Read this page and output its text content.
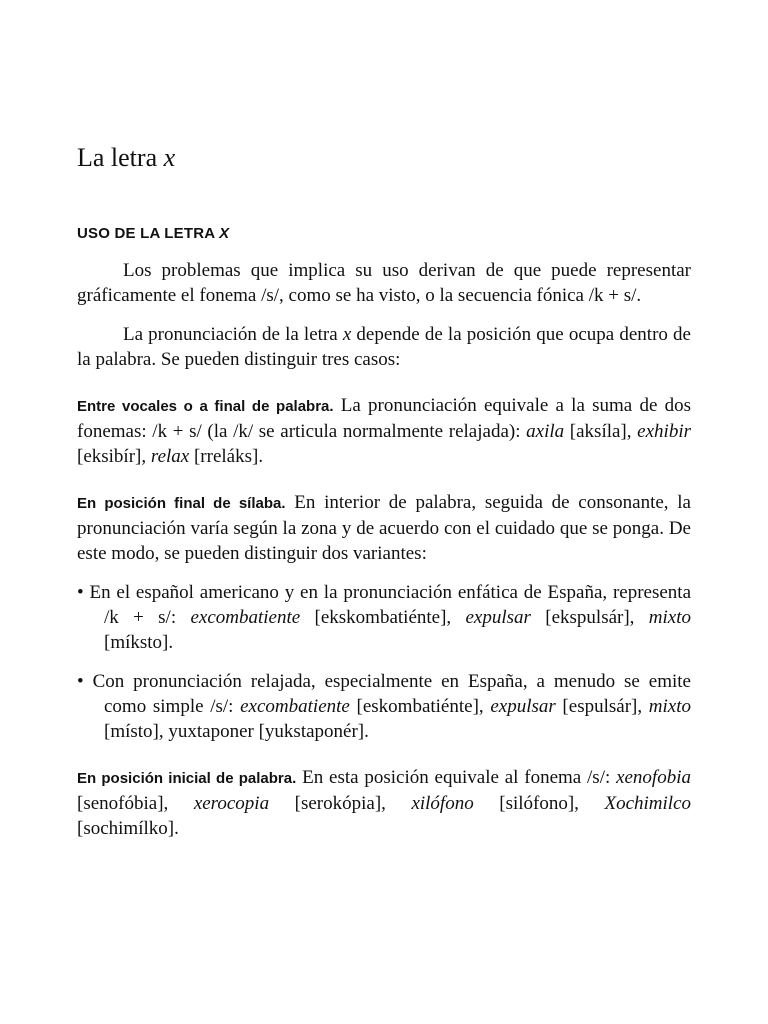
La letra x
USO DE LA LETRA X

Los problemas que implica su uso derivan de que puede representar gráficamente el fonema /s/, como se ha visto, o la secuencia fónica /k + s/.

La pronunciación de la letra x depende de la posición que ocupa dentro de la palabra. Se pueden distinguir tres casos:

Entre vocales o a final de palabra. La pronunciación equivale a la suma de dos fonemas: /k + s/ (la /k/ se articula normalmente relajada): axila [aksíla], exhibir [eksibír], relax [rreláks].

En posición final de sílaba. En interior de palabra, seguida de consonante, la pronunciación varía según la zona y de acuerdo con el cuidado que se ponga. De este modo, se pueden distinguir dos variantes:

• En el español americano y en la pronunciación enfática de España, representa /k + s/: excombatiente [ekskombatiénte], expulsar [ekspulsár], mixto [míksto].

• Con pronunciación relajada, especialmente en España, a menudo se emite como simple /s/: excombatiente [eskombatiénte], expulsar [espulsár], mixto [místo], yuxtaponer [yukstaponér].

En posición inicial de palabra. En esta posición equivale al fonema /s/: xenofobia [senofóbia], xerocopia [serokópia], xilófono [silófono], Xochimilco [sochimílko].
